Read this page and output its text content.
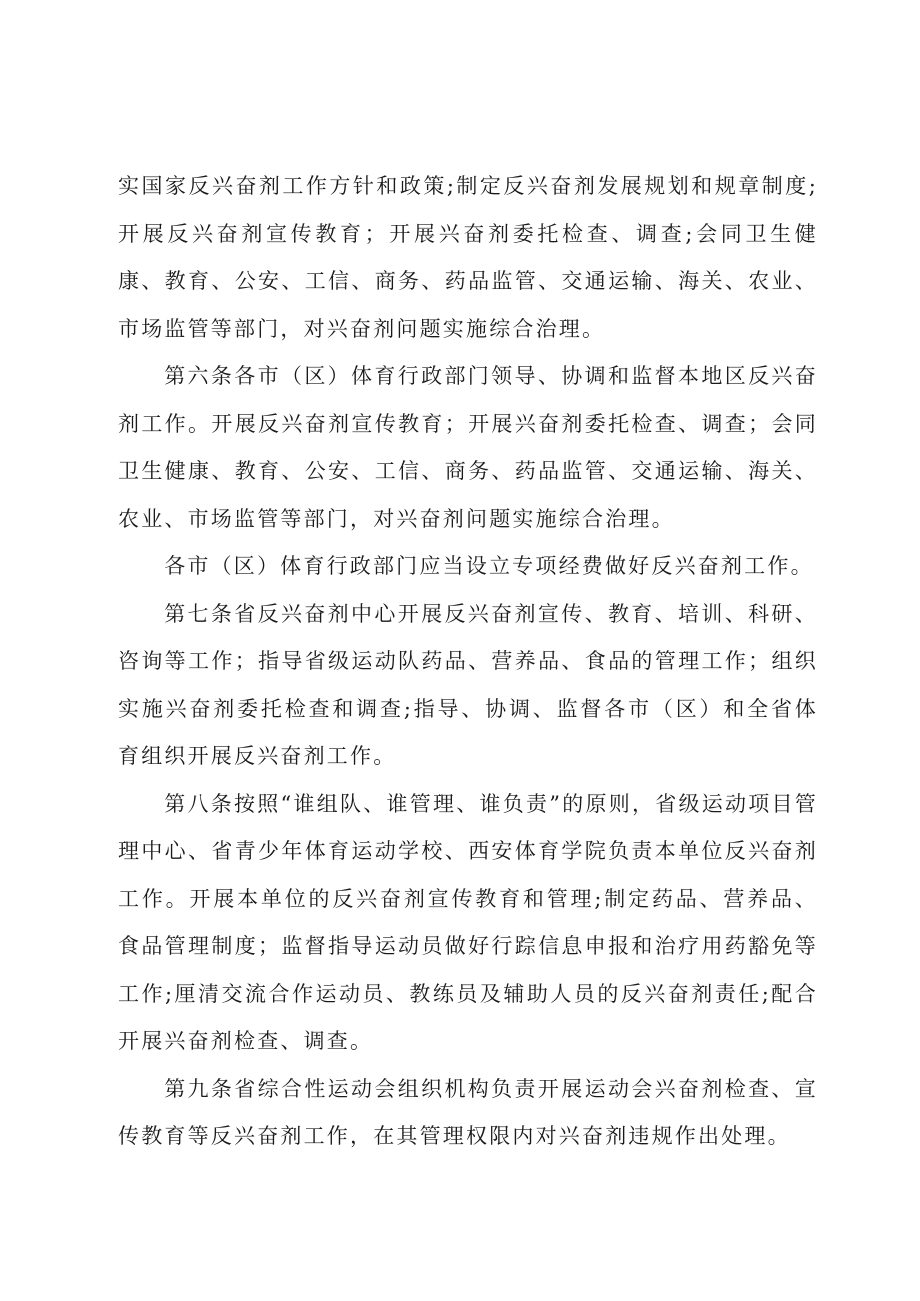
实国家反兴奋剂工作方针和政策;制定反兴奋剂发展规划和规章制度;开展反兴奋剂宣传教育；开展兴奋剂委托检查、调查;会同卫生健康、教育、公安、工信、商务、药品监管、交通运输、海关、农业、市场监管等部门，对兴奋剂问题实施综合治理。

第六条各市（区）体育行政部门领导、协调和监督本地区反兴奋剂工作。开展反兴奋剂宣传教育；开展兴奋剂委托检查、调查；会同卫生健康、教育、公安、工信、商务、药品监管、交通运输、海关、农业、市场监管等部门，对兴奋剂问题实施综合治理。

各市（区）体育行政部门应当设立专项经费做好反兴奋剂工作。

第七条省反兴奋剂中心开展反兴奋剂宣传、教育、培训、科研、咨询等工作；指导省级运动队药品、营养品、食品的管理工作；组织实施兴奋剂委托检查和调查;指导、协调、监督各市（区）和全省体育组织开展反兴奋剂工作。

第八条按照“谁组队、谁管理、谁负责”的原则，省级运动项目管理中心、省青少年体育运动学校、西安体育学院负责本单位反兴奋剂工作。开展本单位的反兴奋剂宣传教育和管理;制定药品、营养品、食品管理制度；监督指导运动员做好行踪信息申报和治疗用药豁免等工作;厘清交流合作运动员、教练员及辅助人员的反兴奋剂责任;配合开展兴奋剂检查、调查。

第九条省综合性运动会组织机构负责开展运动会兴奋剂检查、宣传教育等反兴奋剂工作，在其管理权限内对兴奋剂违规作出处理。
